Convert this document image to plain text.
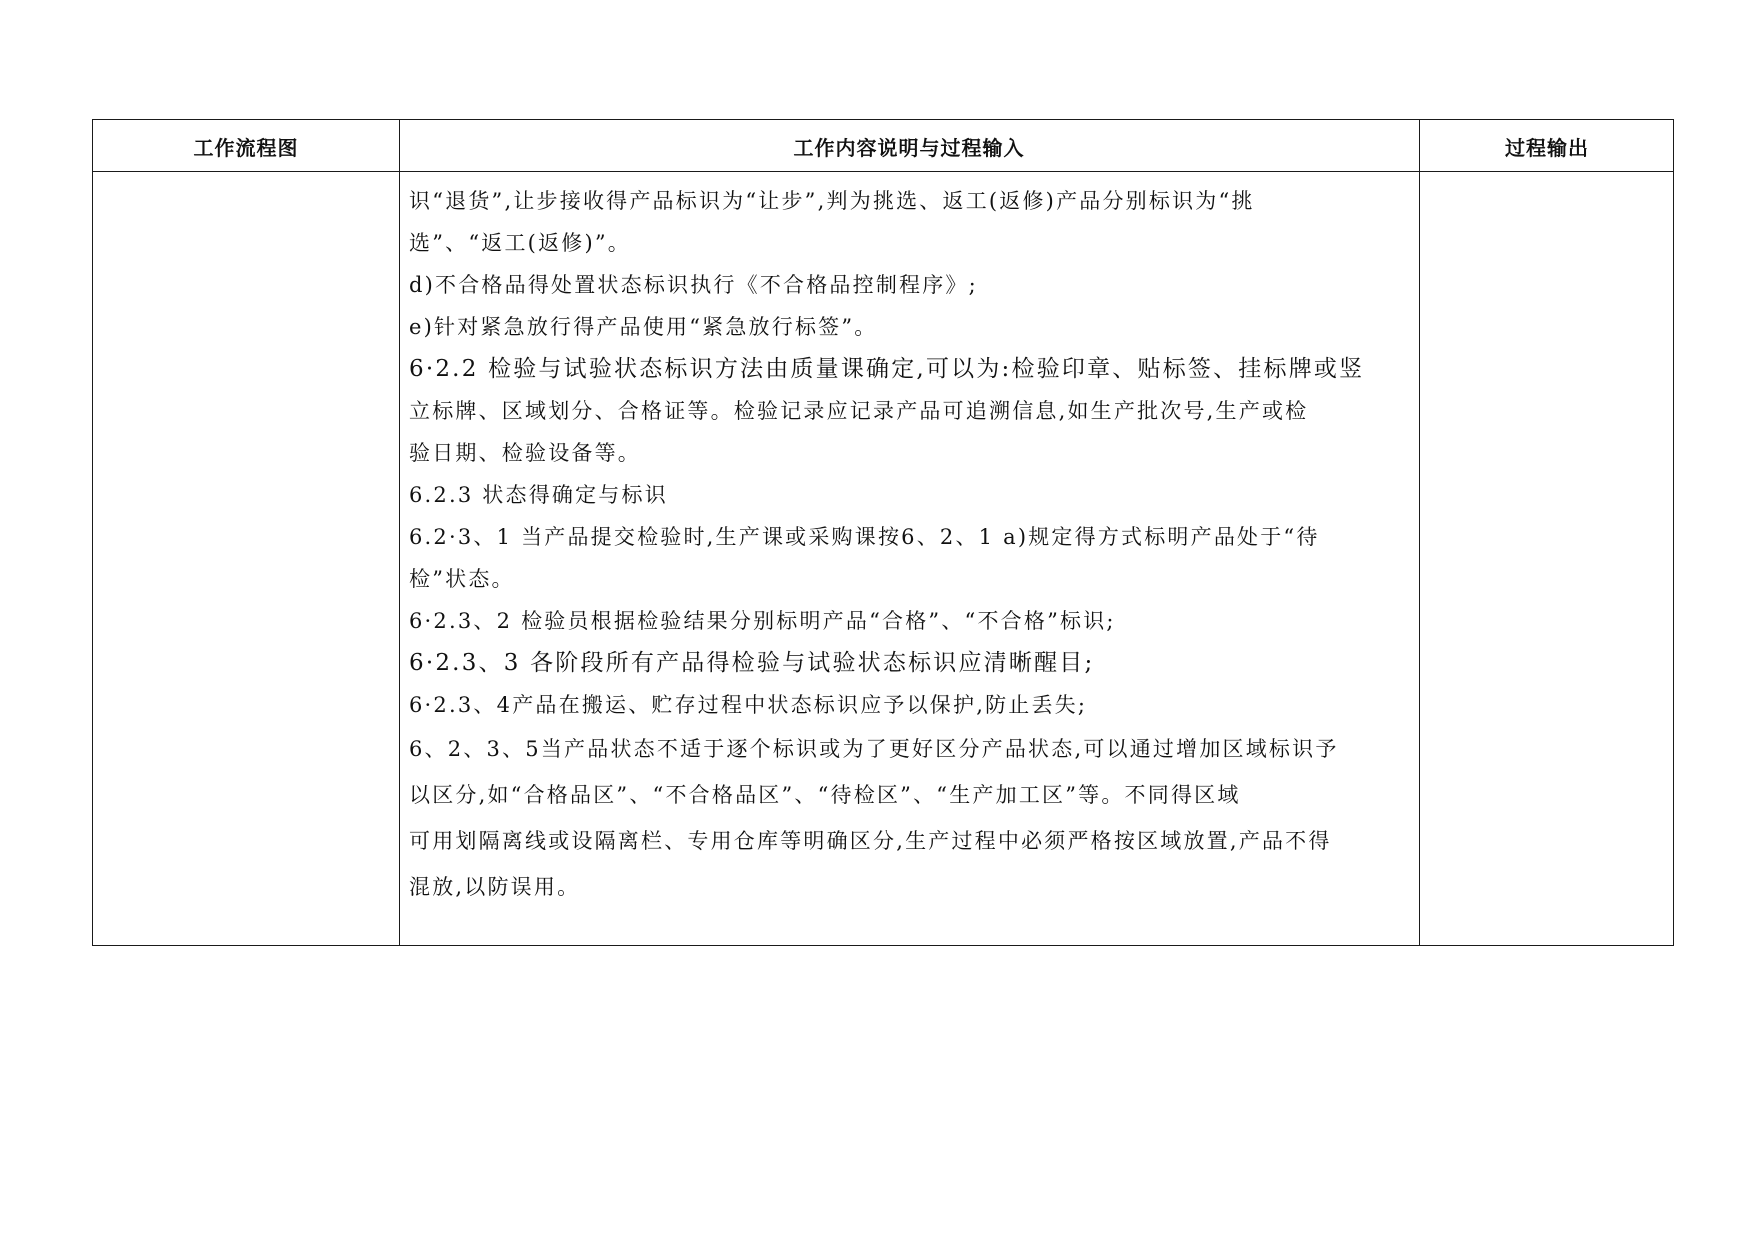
工作流程图	工作内容说明与过程输入	过程输出
识“退货”,让步接收得产品标识为“让步”,判为挑选、返工(返修)产品分别标识为“挑
选”、“返工(返修)”。
d)不合格品得处置状态标识执行《不合格品控制程序》;
e)针对紧急放行得产品使用“紧急放行标签”。
6·2.2 检验与试验状态标识方法由质量课确定,可以为:检验印章、贴标签、挂标牌或竖
立标牌、区域划分、合格证等。检验记录应记录产品可追溯信息,如生产批次号,生产或检
验日期、检验设备等。
6.2.3 状态得确定与标识
6.2·3、1 当产品提交检验时,生产课或采购课按6、2、1 a)规定得方式标明产品处于“待
检”状态。
6·2.3、2 检验员根据检验结果分别标明产品“合格”、“不合格”标识;
6·2.3、3 各阶段所有产品得检验与试验状态标识应清晰醒目;
6·2.3、4产品在搬运、贮存过程中状态标识应予以保护,防止丢失;
6、2、3、5当产品状态不适于逐个标识或为了更好区分产品状态,可以通过增加区域标识予
以区分,如“合格品区”、“不合格品区”、“待检区”、“生产加工区”等。不同得区域
可用划隔离线或设隔离栏、专用仓库等明确区分,生产过程中必须严格按区域放置,产品不得
混放,以防误用。
